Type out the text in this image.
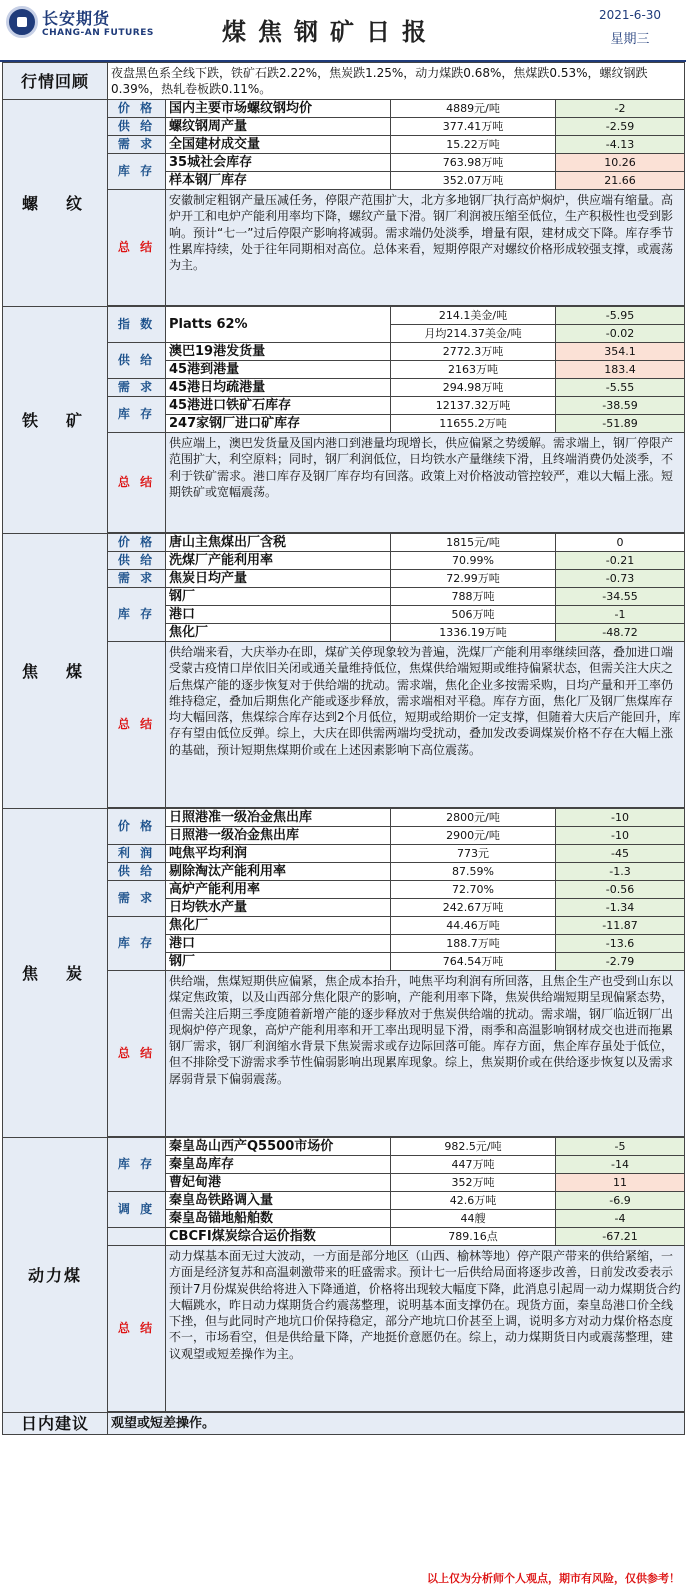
长安期货
CHANG-AN FUTURES	煤焦钢矿日报
2021-6-30
星期三
行情回顾	夜盘黑色系全线下跌，铁矿石跌2.22%，焦炭跌1.25%，动力煤跌0.68%，焦煤跌0.53%，螺纹钢跌0.39%，热轧卷板跌0.11%。			
螺　纹	价 格	国内主要市场螺纹钢均价	4889元/吨	-2
	供 给	螺纹钢周产量	377.41万吨	-2.59
	需 求	全国建材成交量	15.22万吨	-4.13
	库 存	35城社会库存	763.98万吨	10.26
		样本钢厂库存	352.07万吨	21.66
	总 结	安徽制定粗钢产量压减任务，停限产范围扩大，北方多地钢厂执行高炉焖炉，供应端有缩量。高炉开工和电炉产能利用率均下降，螺纹产量下滑。钢厂利润被压缩至低位，生产积极性也受到影响。预计“七一”过后停限产影响将减弱。需求端仍处淡季，增量有限，建材成交下降。库存季节性累库持续，处于往年同期相对高位。总体来看，短期停限产对螺纹价格形成较强支撑，或震荡为主。		

铁　矿	指 数	Platts 62%	214.1美金/吨	-5.95
			月均214.37美金/吨	-0.02
	供 给	澳巴19港发货量	2772.3万吨	354.1
		45港到港量	2163万吨	183.4
	需 求	45港日均疏港量	294.98万吨	-5.55
	库 存	45港进口铁矿石库存	12137.32万吨	-38.59
		247家钢厂进口矿库存	11655.2万吨	-51.89
	总 结	供应端上，澳巴发货量及国内港口到港量均现增长，供应偏紧之势缓解。需求端上，钢厂停限产范围扩大，利空原料；同时，钢厂利润低位，日均铁水产量继续下滑，且终端消费仍处淡季，不利于铁矿需求。港口库存及钢厂库存均有回落。政策上对价格波动管控较严，难以大幅上涨。短期铁矿或宽幅震荡。		

焦　煤	价 格	唐山主焦煤出厂含税	1815元/吨	0
	供 给	洗煤厂产能利用率	70.99%	-0.21
	需 求	焦炭日均产量	72.99万吨	-0.73
	库 存	钢厂	788万吨	-34.55
		港口	506万吨	-1
		焦化厂	1336.19万吨	-48.72
	总 结	供给端来看，大庆举办在即，煤矿关停现象较为普遍，洗煤厂产能利用率继续回落，叠加进口端受蒙古疫情口岸依旧关闭或通关量维持低位，焦煤供给端短期或维持偏紧状态，但需关注大庆之后焦煤产能的逐步恢复对于供给端的扰动。需求端，焦化企业多按需采购，日均产量和开工率仍维持稳定，叠加后期焦化产能或逐步释放，需求端相对平稳。库存方面，焦化厂及钢厂焦煤库存均大幅回落，焦煤综合库存达到2个月低位，短期或给期价一定支撑，但随着大庆后产能回升，库存有望由低位反弹。综上，大庆在即供需两端均受扰动，叠加发改委调煤炭价格不存在大幅上涨的基础，预计短期焦煤期价或在上述因素影响下高位震荡。		

焦　炭	价 格	日照港准一级冶金焦出库	2800元/吨	-10
		日照港一级冶金焦出库	2900元/吨	-10
	利 润	吨焦平均利润	773元	-45
	供 给	剔除淘汰产能利用率	87.59%	-1.3
	需 求	高炉产能利用率	72.70%	-0.56
		日均铁水产量	242.67万吨	-1.34
	库 存	焦化厂	44.46万吨	-11.87
		港口	188.7万吨	-13.6
		钢厂	764.54万吨	-2.79
	总 结	供给端，焦煤短期供应偏紧，焦企成本抬升，吨焦平均利润有所回落，且焦企生产也受到山东以煤定焦政策，以及山西部分焦化限产的影响，产能利用率下降，焦炭供给端短期呈现偏紧态势，但需关注后期三季度随着新增产能的逐步释放对于焦炭供给端的扰动。需求端，钢厂临近钢厂出现焖炉停产现象，高炉产能利用率和开工率出现明显下滑，雨季和高温影响钢材成交也进而拖累钢厂需求，钢厂利润缩水背景下焦炭需求或存边际回落可能。库存方面，焦企库存虽处于低位，但不排除受下游需求季节性偏弱影响出现累库现象。综上，焦炭期价或在供给逐步恢复以及需求孱弱背景下偏弱震荡。		

动力煤	库 存	秦皇岛山西产Q5500市场价	982.5元/吨	-5
		秦皇岛库存	447万吨	-14
		曹妃甸港	352万吨	11
	调 度	秦皇岛铁路调入量	42.6万吨	-6.9
		秦皇岛锚地船舶数	44艘	-4
		CBCFI煤炭综合运价指数	789.16点	-67.21
	总 结	动力煤基本面无过大波动，一方面是部分地区（山西、榆林等地）停产限产带来的供给紧缩，一方面是经济复苏和高温刺激带来的旺盛需求。预计七一后供给局面将逐步改善，日前发改委表示预计7月份煤炭供给将进入下降通道，价格将出现较大幅度下降，此消息引起周一动力煤期货合约大幅跳水，昨日动力煤期货合约震荡整理，说明基本面支撑仍在。现货方面，秦皇岛港口价全线下挫，但与此同时产地坑口价保持稳定，部分产地坑口价甚至上调，说明多方对动力煤价格态度不一，市场看空，但是供给量下降，产地挺价意愿仍在。综上，动力煤期货日内或震荡整理，建议观望或短差操作为主。		

日内建议	观望或短差操作。			
以上仅为分析师个人观点，期市有风险，仅供参考！
